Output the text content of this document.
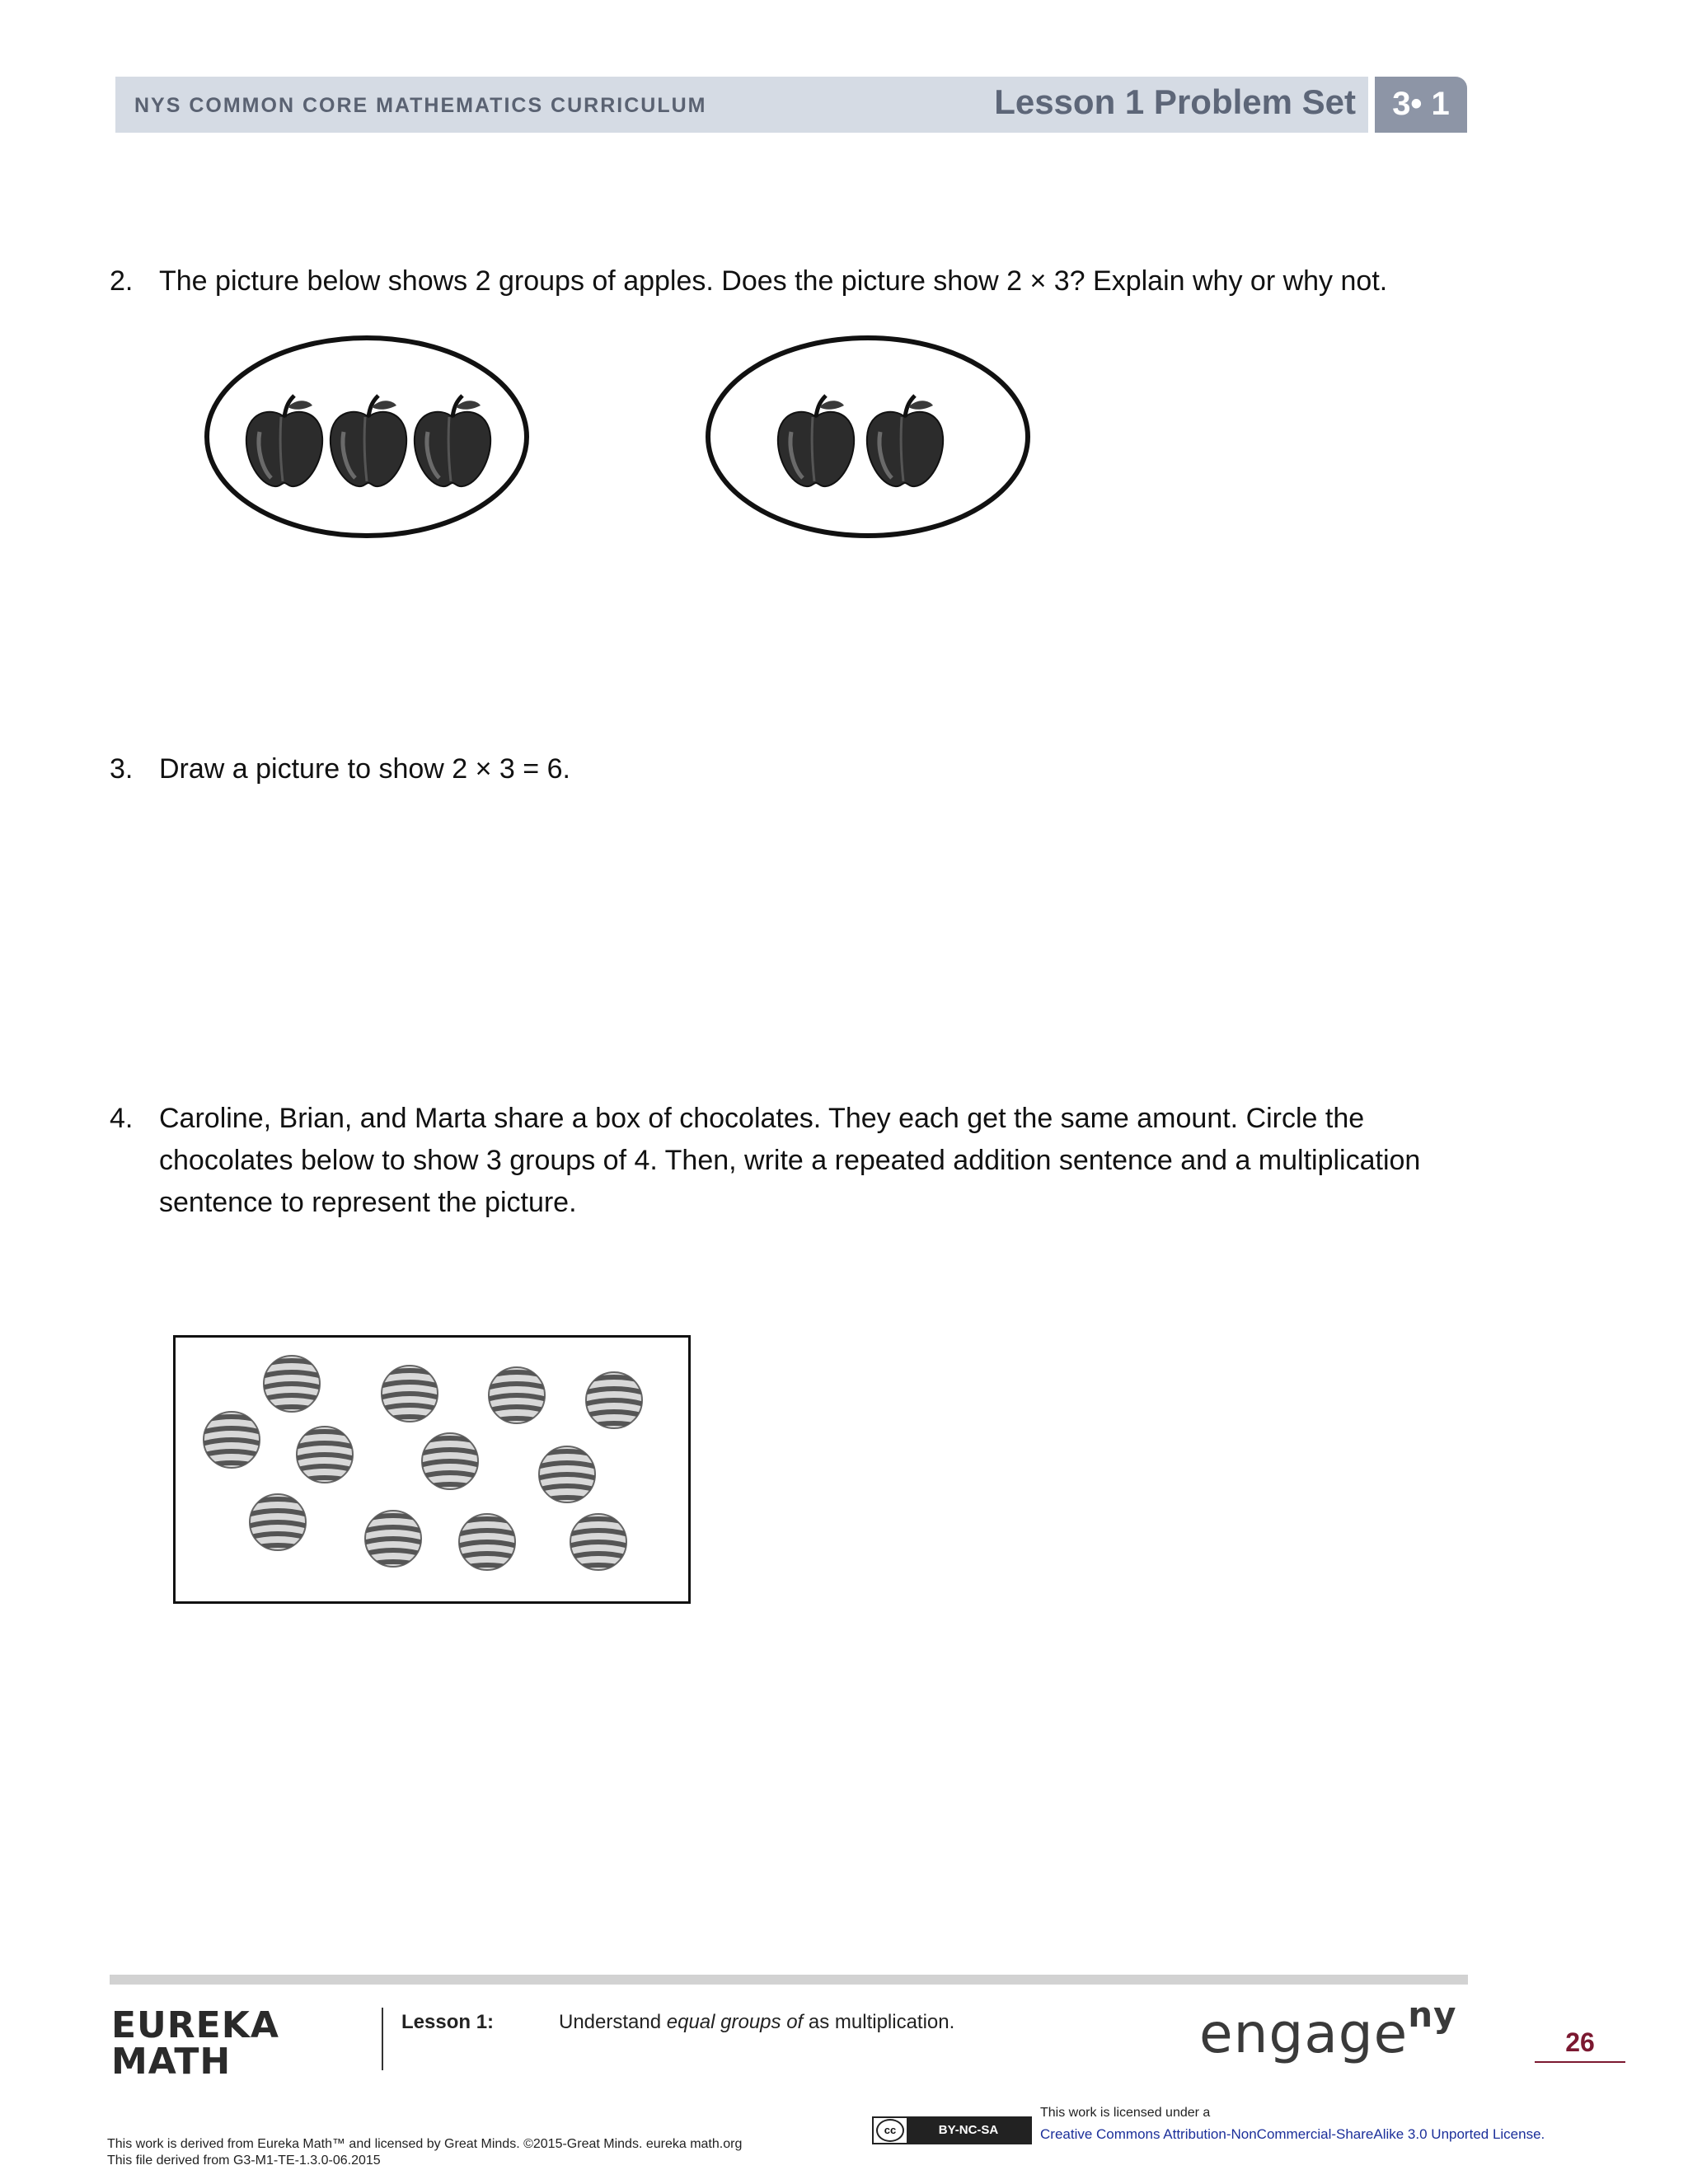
NYS COMMON CORE MATHEMATICS CURRICULUM	Lesson 1 Problem Set	3• 1
2. The picture below shows 2 groups of apples. Does the picture show 2 × 3? Explain why or why not.
3. Draw a picture to show 2 × 3 = 6.
4. Caroline, Brian, and Marta share a box of chocolates. They each get the same amount. Circle the chocolates below to show 3 groups of 4. Then, write a repeated addition sentence and a multiplication sentence to represent the picture.
EUREKA
MATH
Lesson 1:	Understand equal groups of as multiplication.	engage$^{ny}$
26
This work is derived from Eureka Math™ and licensed by Great Minds. ©2015-Great Minds. eureka math.org
This file derived from G3-M1-TE-1.3.0-06.2015
cc	BY-NC-SA
This work is licensed under a
Creative Commons Attribution-NonCommercial-ShareAlike 3.0 Unported License.
